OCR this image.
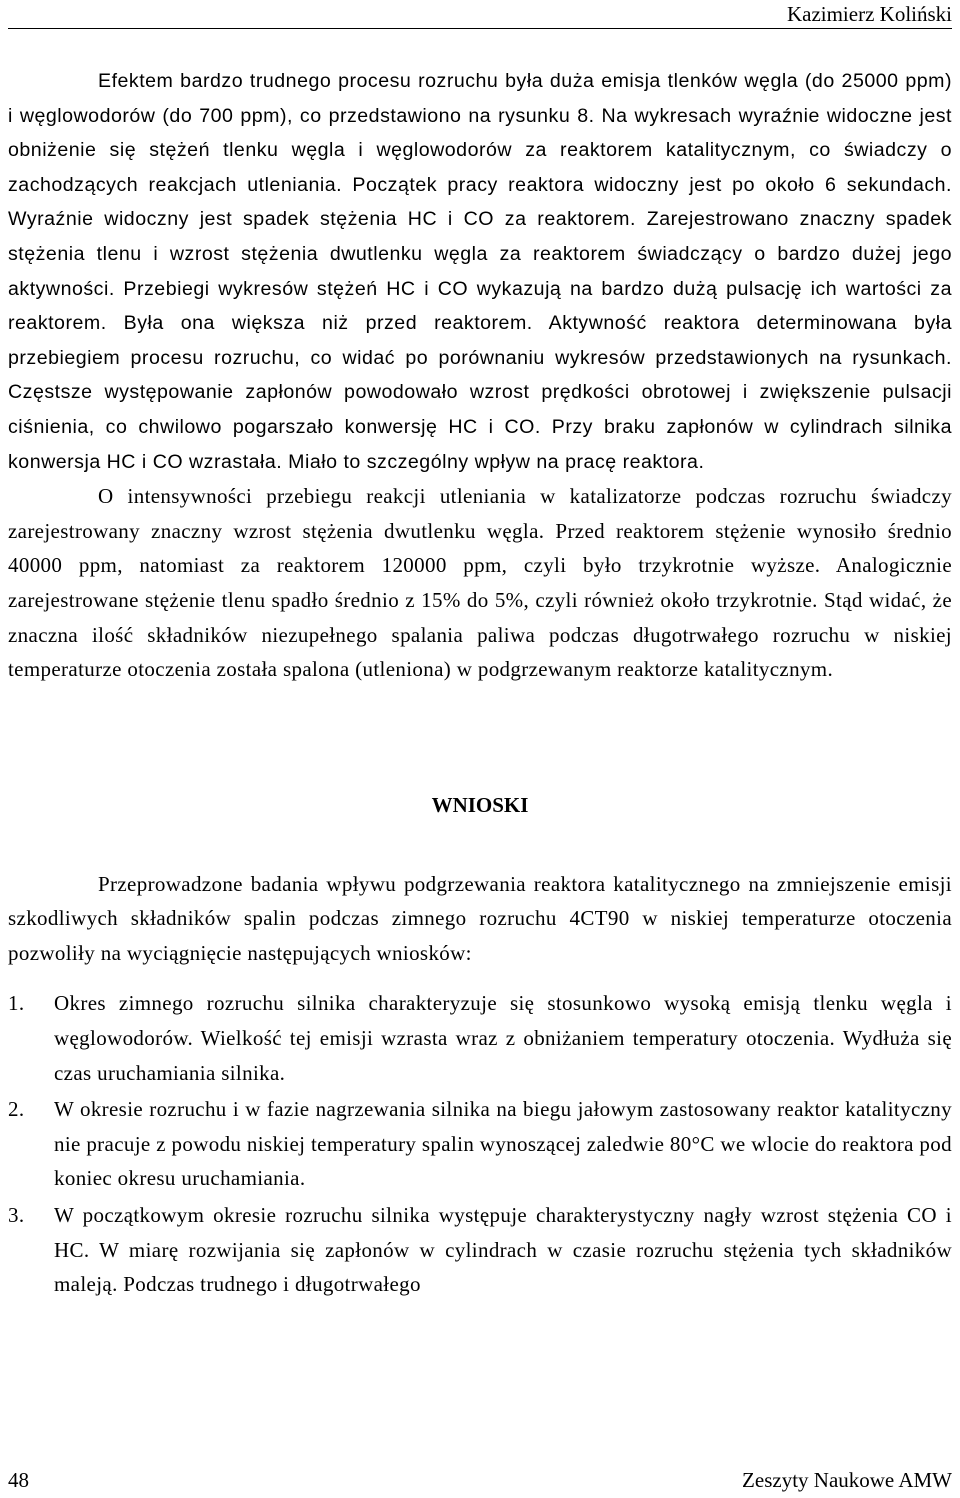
Kazimierz Koliński

Efektem bardzo trudnego procesu rozruchu była duża emisja tlenków węgla (do 25000 ppm) i węglowodorów (do 700 ppm), co przedstawiono na rysunku 8. Na wykresach wyraźnie widoczne jest obniżenie się stężeń tlenku węgla i węglowodorów za reaktorem katalitycznym, co świadczy o zachodzących reakcjach utleniania. Początek pracy reaktora widoczny jest po około 6 sekundach. Wyraźnie widoczny jest spadek stężenia HC i CO za reaktorem. Zarejestrowano znaczny spadek stężenia tlenu i wzrost stężenia dwutlenku węgla za reaktorem świadczący o bardzo dużej jego aktywności. Przebiegi wykresów stężeń HC i CO wykazują na bardzo dużą pulsację ich wartości za reaktorem. Była ona większa niż przed reaktorem. Aktywność reaktora determinowana była przebiegiem procesu rozruchu, co widać po porównaniu wykresów przedstawionych na rysunkach. Częstsze występowanie zapłonów powodowało wzrost prędkości obrotowej i zwiększenie pulsacji ciśnienia, co chwilowo pogarszało konwersję HC i CO. Przy braku zapłonów w cylindrach silnika konwersja HC i CO wzrastała. Miało to szczególny wpływ na pracę reaktora.

O intensywności przebiegu reakcji utleniania w katalizatorze podczas rozruchu świadczy zarejestrowany znaczny wzrost stężenia dwutlenku węgla. Przed reaktorem stężenie wynosiło średnio 40000 ppm, natomiast za reaktorem 120000 ppm, czyli było trzykrotnie wyższe. Analogicznie zarejestrowane stężenie tlenu spadło średnio z 15% do 5%, czyli również około trzykrotnie. Stąd widać, że znaczna ilość składników niezupełnego spalania paliwa podczas długotrwałego rozruchu w niskiej temperaturze otoczenia została spalona (utleniona) w podgrzewanym reaktorze katalitycznym.

WNIOSKI

Przeprowadzone badania wpływu podgrzewania reaktora katalitycznego na zmniejszenie emisji szkodliwych składników spalin podczas zimnego rozruchu 4CT90 w niskiej temperaturze otoczenia pozwoliły na wyciągnięcie następujących wniosków:

1.	Okres zimnego rozruchu silnika charakteryzuje się stosunkowo wysoką emisją tlenku węgla i węglowodorów. Wielkość tej emisji wzrasta wraz z obniżaniem temperatury otoczenia. Wydłuża się czas uruchamiania silnika.
2.	W okresie rozruchu i w fazie nagrzewania silnika na biegu jałowym zastosowany reaktor katalityczny nie pracuje z powodu niskiej temperatury spalin wynoszącej zaledwie 80°C we wlocie do reaktora pod koniec okresu uruchamiania.
3.	W początkowym okresie rozruchu silnika występuje charakterystyczny nagły wzrost stężenia CO i HC. W miarę rozwijania się zapłonów w cylindrach w czasie rozruchu stężenia tych składników maleją. Podczas trudnego i długotrwałego
48	Zeszyty Naukowe AMW
